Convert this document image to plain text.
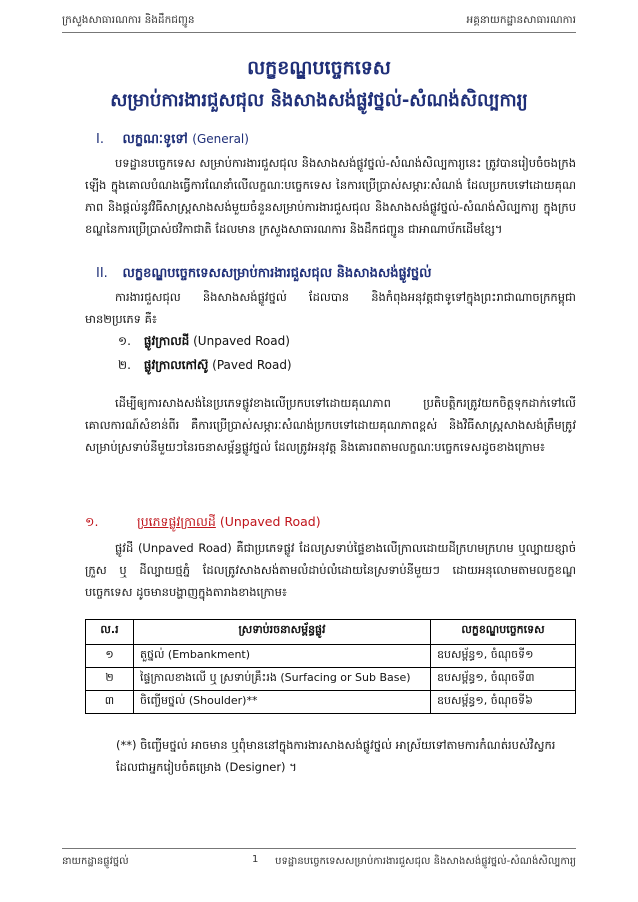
ក្រសួងសាធារណការ និងដឹកជញ្ជូន	អគ្គនាយកដ្ឋានសាធារណការ
លក្ខខណ្ឌបច្ចេកទេស
សម្រាប់ការងារជួសជុល និងសាងសង់ផ្លូវថ្នល់-សំណង់សិល្បការ្យ
I. លក្ខណៈទូទៅ (General)
បទដ្ឋានបច្ចេកទេស សម្រាប់ការងារជួសជុល និងសាងសង់ផ្លូវថ្នល់-សំណង់សិល្បការ្យនេះ ត្រូវបានរៀបចំចងក្រងឡើង ក្នុងគោលបំណងធ្វើការណែនាំលើលក្ខណៈបច្ចេកទេស នៃការប្រើប្រាស់សម្ភារៈសំណង់ ដែលប្រកបទៅដោយគុណភាព និងផ្តល់នូវវិធីសាស្ត្រសាងសង់មួយចំនួនសម្រាប់ការងារជួសជុល និងសាងសង់ផ្លូវថ្នល់-សំណង់សិល្បការ្យ ក្នុងក្របខណ្ឌនៃការប្រើប្រាស់ថវិកាជាតិ ដែលមាន ក្រសួងសាធារណការ និងដឹកជញ្ជូន ជាអាណាប័កដើមខ្សែ។
II. លក្ខខណ្ឌបច្ចេកទេសសម្រាប់ការងារជួសជុល និងសាងសង់ផ្លូវថ្នល់
ការងារជួសជុល និងសាងសង់ផ្លូវថ្នល់ ដែលបាន និងកំពុងអនុវត្តជាទូទៅក្នុងព្រះរាជាណាចក្រកម្ពុជា មាន២ប្រភេទ គឺ៖
១. ផ្លូវក្រាលដី (Unpaved Road)
២. ផ្លូវក្រាលកៅស៊ូ (Paved Road)
ដើម្បីឲ្យការសាងសង់នៃប្រភេទផ្លូវខាងលើប្រកបទៅដោយគុណភាព ប្រតិបត្តិករត្រូវយកចិត្តទុកដាក់ទៅលើគោលការណ៍សំខាន់ពីរ គឺការប្រើប្រាស់សម្ភារៈសំណង់ប្រកបទៅដោយគុណភាពខ្ពស់ និងវិធីសាស្ត្រសាងសង់ត្រឹមត្រូវ សម្រាប់ស្រទាប់នីមួយៗនៃរចនាសម្ព័ន្ធផ្លូវថ្នល់ ដែលត្រូវអនុវត្ត និងគោរពតាមលក្ខណៈបច្ចេកទេសដូចខាងក្រោម៖
១.	ប្រភេទផ្លូវក្រាលដី (Unpaved Road)
ផ្លូវដី (Unpaved Road) គឺជាប្រភេទផ្លូវ ដែលស្រទាប់ផ្ទៃខាងលើក្រាលដោយដីក្រហមក្រហម ឬល្បាយខ្សាច់ក្រួស ឬ ដីល្បាយថ្មភ្នំ ដែលត្រូវសាងសង់តាមលំដាប់លំដោយនៃស្រទាប់នីមួយៗ ដោយអនុលោមតាមលក្ខខណ្ឌបច្ចេកទេស ដូចមានបង្ហាញក្នុងតារាងខាងក្រោម៖
ល.រ	ស្រទាប់រចនាសម្ព័ន្ធផ្លូវ	លក្ខខណ្ឌបច្ចេកទេស
១	តួថ្នល់ (Embankment)	ឧបសម្ព័ន្ធ១, ចំណុចទី១
២	ផ្ទៃក្រាលខាងលើ ឬ ស្រទាប់គ្រឹះរង (Surfacing or Sub Base)	ឧបសម្ព័ន្ធ១, ចំណុចទី៣
៣	ចិញ្ចើមថ្នល់ (Shoulder)**	ឧបសម្ព័ន្ធ១, ចំណុចទី៦
(**) ចិញ្ចើមថ្នល់ អាចមាន ឬពុំមាននៅក្នុងការងារសាងសង់ផ្លូវថ្នល់ អាស្រ័យទៅតាមការកំណត់របស់វិស្វករដែលជាអ្នករៀបចំគម្រោង (Designer) ។
នាយកដ្ឋានផ្លូវថ្នល់	1 បទដ្ឋានបច្ចេកទេសសម្រាប់ការងារជួសជុល និងសាងសង់ផ្លូវថ្នល់-សំណង់សិល្បការ្យ
